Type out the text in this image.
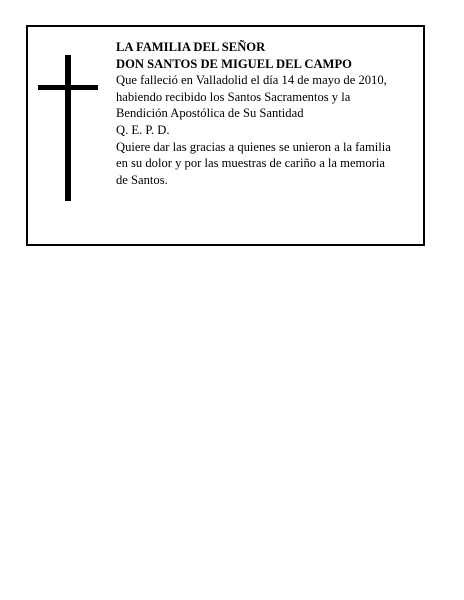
LA FAMILIA DEL SEÑOR
DON SANTOS DE MIGUEL DEL CAMPO
Que falleció en Valladolid el día 14 de mayo de 2010,
habiendo recibido los Santos Sacramentos y la
Bendición Apostólica de Su Santidad
Q. E. P. D.
Quiere dar las gracias a quienes se unieron a la familia
en su dolor y por las muestras de cariño a la memoria
de Santos.
